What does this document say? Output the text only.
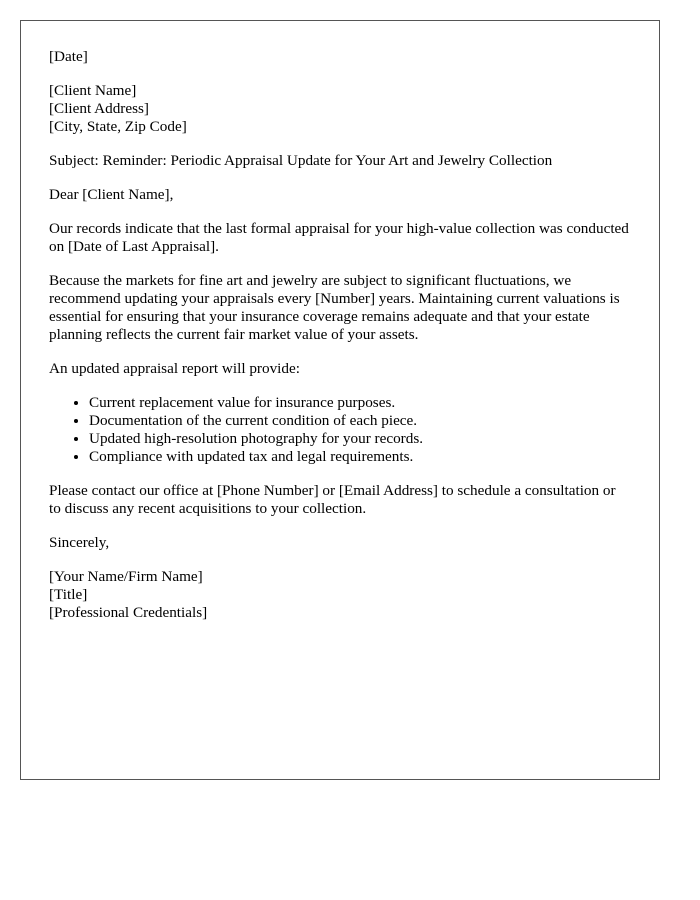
[Date]

[Client Name]
[Client Address]
[City, State, Zip Code]

Subject: Reminder: Periodic Appraisal Update for Your Art and Jewelry Collection

Dear [Client Name],

Our records indicate that the last formal appraisal for your high-value collection was conducted on [Date of Last Appraisal].

Because the markets for fine art and jewelry are subject to significant fluctuations, we recommend updating your appraisals every [Number] years. Maintaining current valuations is essential for ensuring that your insurance coverage remains adequate and that your estate planning reflects the current fair market value of your assets.

An updated appraisal report will provide:

• Current replacement value for insurance purposes.
• Documentation of the current condition of each piece.
• Updated high-resolution photography for your records.
• Compliance with updated tax and legal requirements.

Please contact our office at [Phone Number] or [Email Address] to schedule a consultation or to discuss any recent acquisitions to your collection.

Sincerely,

[Your Name/Firm Name]
[Title]
[Professional Credentials]
